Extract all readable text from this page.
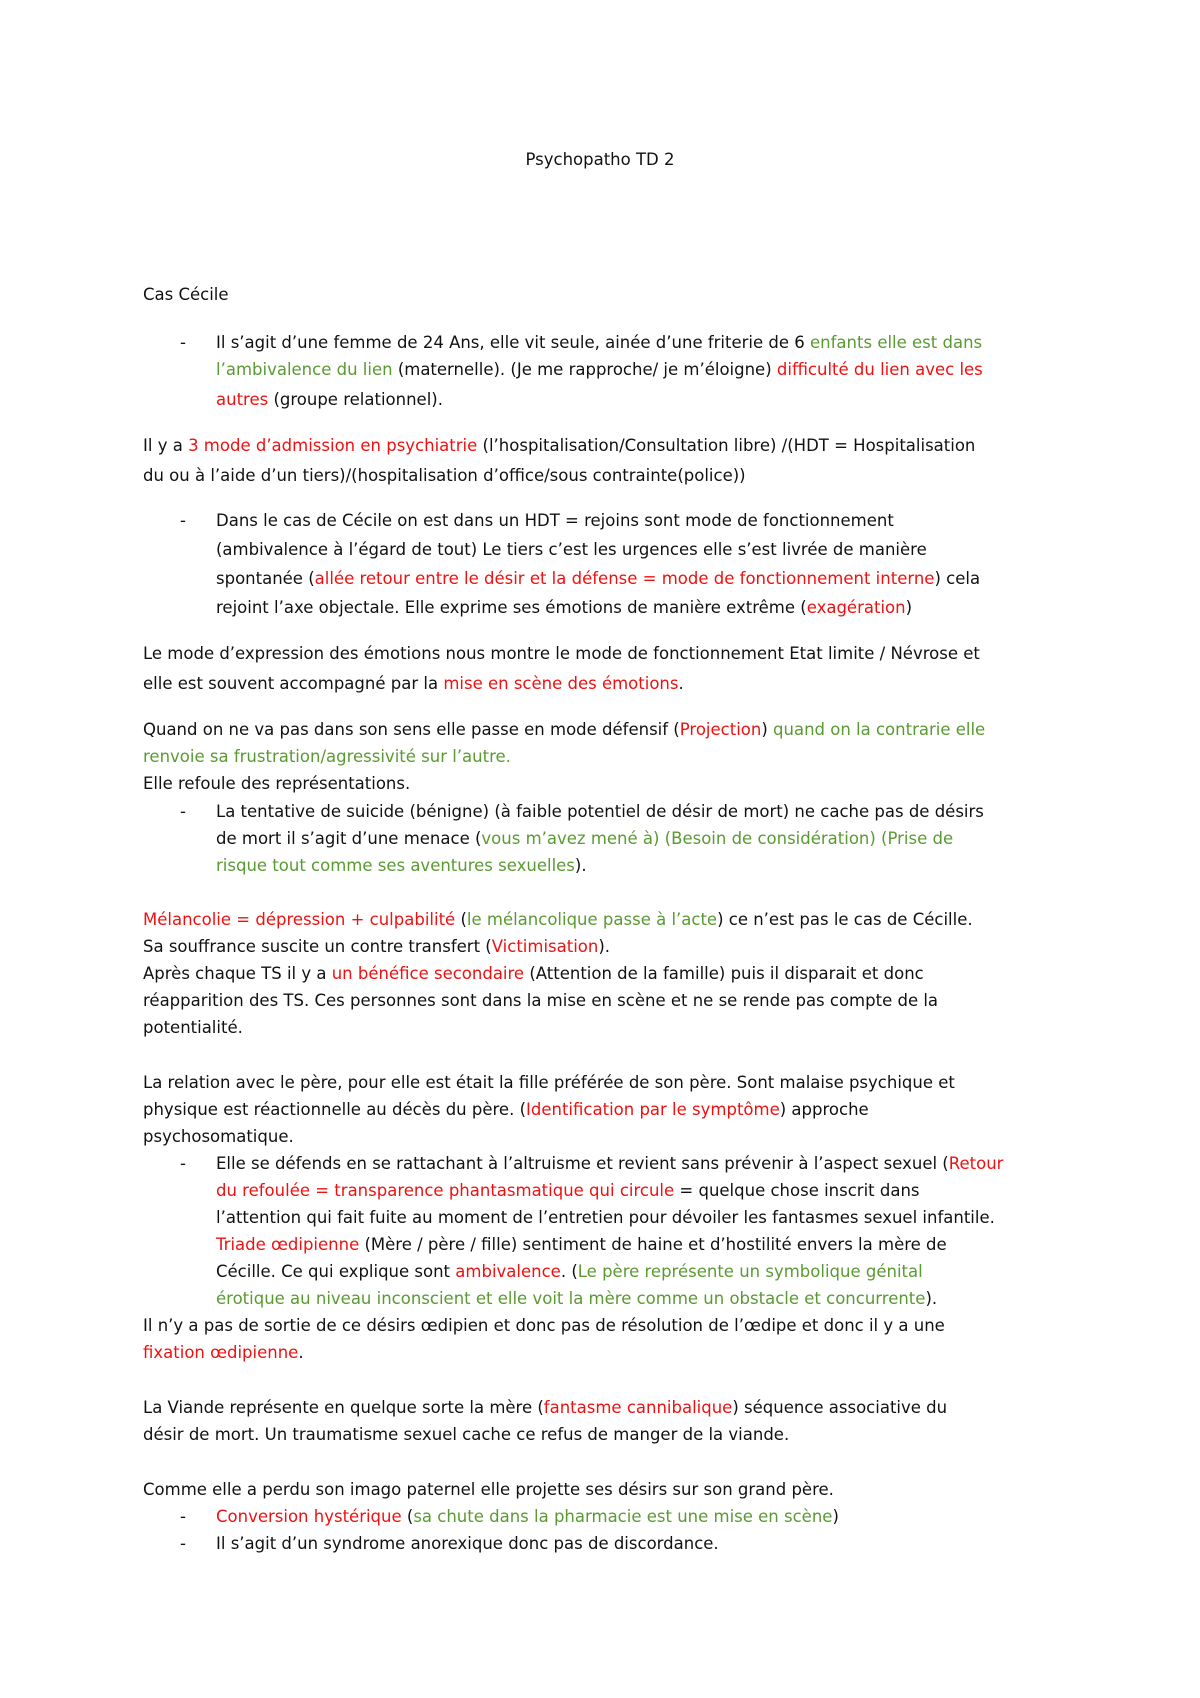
Psychopatho TD 2
Cas Cécile
- Il s’agit d’une femme de 24 Ans, elle vit seule, ainée d’une friterie de 6 enfants elle est dans
l’ambivalence du lien (maternelle). (Je me rapproche/ je m’éloigne) difficulté du lien avec les
autres (groupe relationnel).
Il y a 3 mode d’admission en psychiatrie (l’hospitalisation/Consultation libre) /(HDT = Hospitalisation
du ou à l’aide d’un tiers)/(hospitalisation d’office/sous contrainte(police))
- Dans le cas de Cécile on est dans un HDT = rejoins sont mode de fonctionnement
(ambivalence à l’égard de tout) Le tiers c’est les urgences elle s’est livrée de manière
spontanée (allée retour entre le désir et la défense = mode de fonctionnement interne) cela
rejoint l’axe objectale. Elle exprime ses émotions de manière extrême (exagération)
Le mode d’expression des émotions nous montre le mode de fonctionnement Etat limite / Névrose et
elle est souvent accompagné par la mise en scène des émotions.
Quand on ne va pas dans son sens elle passe en mode défensif (Projection) quand on la contrarie elle
renvoie sa frustration/agressivité sur l’autre.
Elle refoule des représentations.
- La tentative de suicide (bénigne) (à faible potentiel de désir de mort) ne cache pas de désirs
de mort il s’agit d’une menace (vous m’avez mené à) (Besoin de considération) (Prise de
risque tout comme ses aventures sexuelles).
Mélancolie = dépression + culpabilité (le mélancolique passe à l’acte) ce n’est pas le cas de Cécille.
Sa souffrance suscite un contre transfert (Victimisation).
Après chaque TS il y a un bénéfice secondaire (Attention de la famille) puis il disparait et donc
réapparition des TS. Ces personnes sont dans la mise en scène et ne se rende pas compte de la
potentialité.
La relation avec le père, pour elle est était la fille préférée de son père. Sont malaise psychique et
physique est réactionnelle au décès du père. (Identification par le symptôme) approche
psychosomatique.
- Elle se défends en se rattachant à l’altruisme et revient sans prévenir à l’aspect sexuel (Retour
du refoulée = transparence phantasmatique qui circule = quelque chose inscrit dans
l’attention qui fait fuite au moment de l’entretien pour dévoiler les fantasmes sexuel infantile.
Triade œdipienne (Mère / père / fille) sentiment de haine et d’hostilité envers la mère de
Cécille. Ce qui explique sont ambivalence. (Le père représente un symbolique génital
érotique au niveau inconscient et elle voit la mère comme un obstacle et concurrente).
Il n’y a pas de sortie de ce désirs œdipien et donc pas de résolution de l’œdipe et donc il y a une
fixation œdipienne.
La Viande représente en quelque sorte la mère (fantasme cannibalique) séquence associative du
désir de mort. Un traumatisme sexuel cache ce refus de manger de la viande.
Comme elle a perdu son imago paternel elle projette ses désirs sur son grand père.
- Conversion hystérique (sa chute dans la pharmacie est une mise en scène)
- Il s’agit d’un syndrome anorexique donc pas de discordance.
